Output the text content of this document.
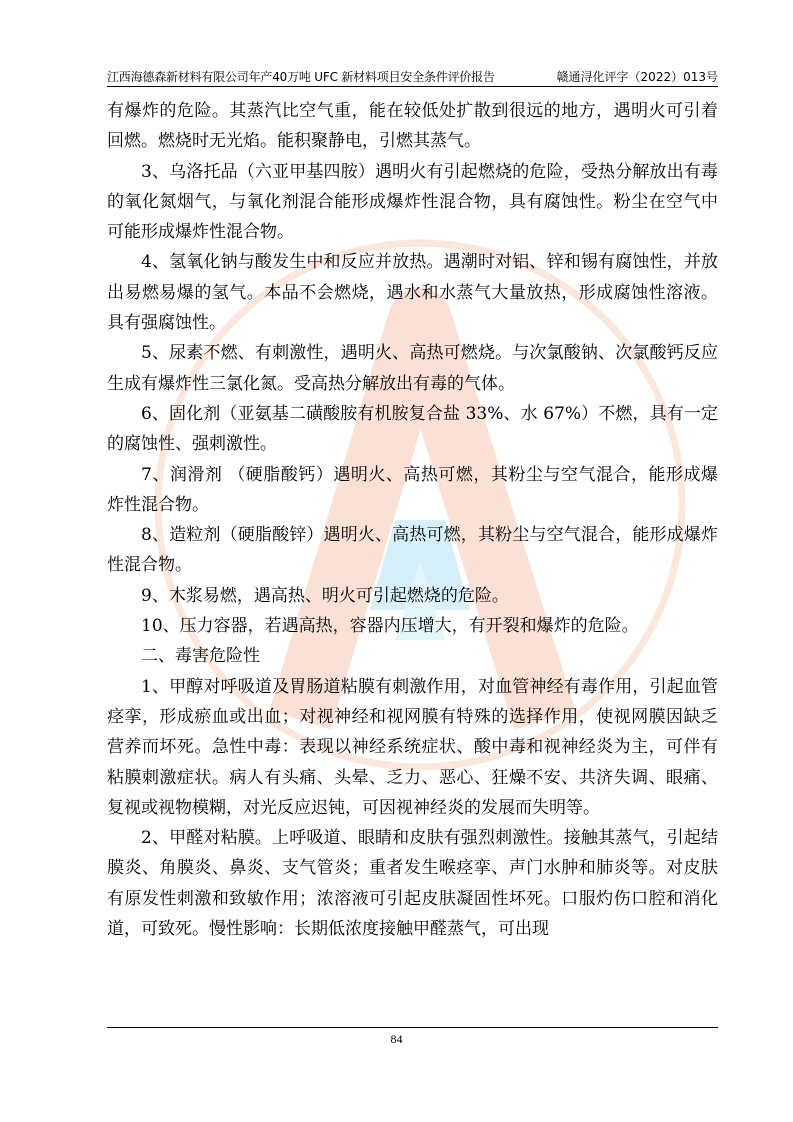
江西海德森新材料有限公司年产40万吨 UFC 新材料项目安全条件评价报告	赣通浔化评字（2022）013号

有爆炸的危险。其蒸汽比空气重，能在较低处扩散到很远的地方，遇明火可引着回燃。燃烧时无光焰。能积聚静电，引燃其蒸气。

3、乌洛托品（六亚甲基四胺）遇明火有引起燃烧的危险，受热分解放出有毒的氧化氮烟气，与氧化剂混合能形成爆炸性混合物，具有腐蚀性。粉尘在空气中可能形成爆炸性混合物。

4、氢氧化钠与酸发生中和反应并放热。遇潮时对铝、锌和锡有腐蚀性，并放出易燃易爆的氢气。本品不会燃烧，遇水和水蒸气大量放热，形成腐蚀性溶液。具有强腐蚀性。

5、尿素不燃、有刺激性，遇明火、高热可燃烧。与次氯酸钠、次氯酸钙反应生成有爆炸性三氯化氮。受高热分解放出有毒的气体。

6、固化剂（亚氨基二磺酸胺有机胺复合盐 33%、水 67%）不燃，具有一定的腐蚀性、强刺激性。

7、润滑剂 （硬脂酸钙）遇明火、高热可燃，其粉尘与空气混合，能形成爆炸性混合物。

8、造粒剂（硬脂酸锌）遇明火、高热可燃，其粉尘与空气混合，能形成爆炸性混合物。

9、木浆易燃，遇高热、明火可引起燃烧的危险。

10、压力容器，若遇高热，容器内压增大，有开裂和爆炸的危险。

二、毒害危险性

1、甲醇对呼吸道及胃肠道粘膜有刺激作用，对血管神经有毒作用，引起血管痉挛，形成瘀血或出血；对视神经和视网膜有特殊的选择作用，使视网膜因缺乏营养而坏死。急性中毒：表现以神经系统症状、酸中毒和视神经炎为主，可伴有粘膜刺激症状。病人有头痛、头晕、乏力、恶心、狂燥不安、共济失调、眼痛、复视或视物模糊，对光反应迟钝，可因视神经炎的发展而失明等。

2、甲醛对粘膜。上呼吸道、眼睛和皮肤有强烈刺激性。接触其蒸气，引起结膜炎、角膜炎、鼻炎、支气管炎；重者发生喉痉挛、声门水肿和肺炎等。对皮肤有原发性刺激和致敏作用；浓溶液可引起皮肤凝固性坏死。口服灼伤口腔和消化道，可致死。慢性影响：长期低浓度接触甲醛蒸气，可出现

84
